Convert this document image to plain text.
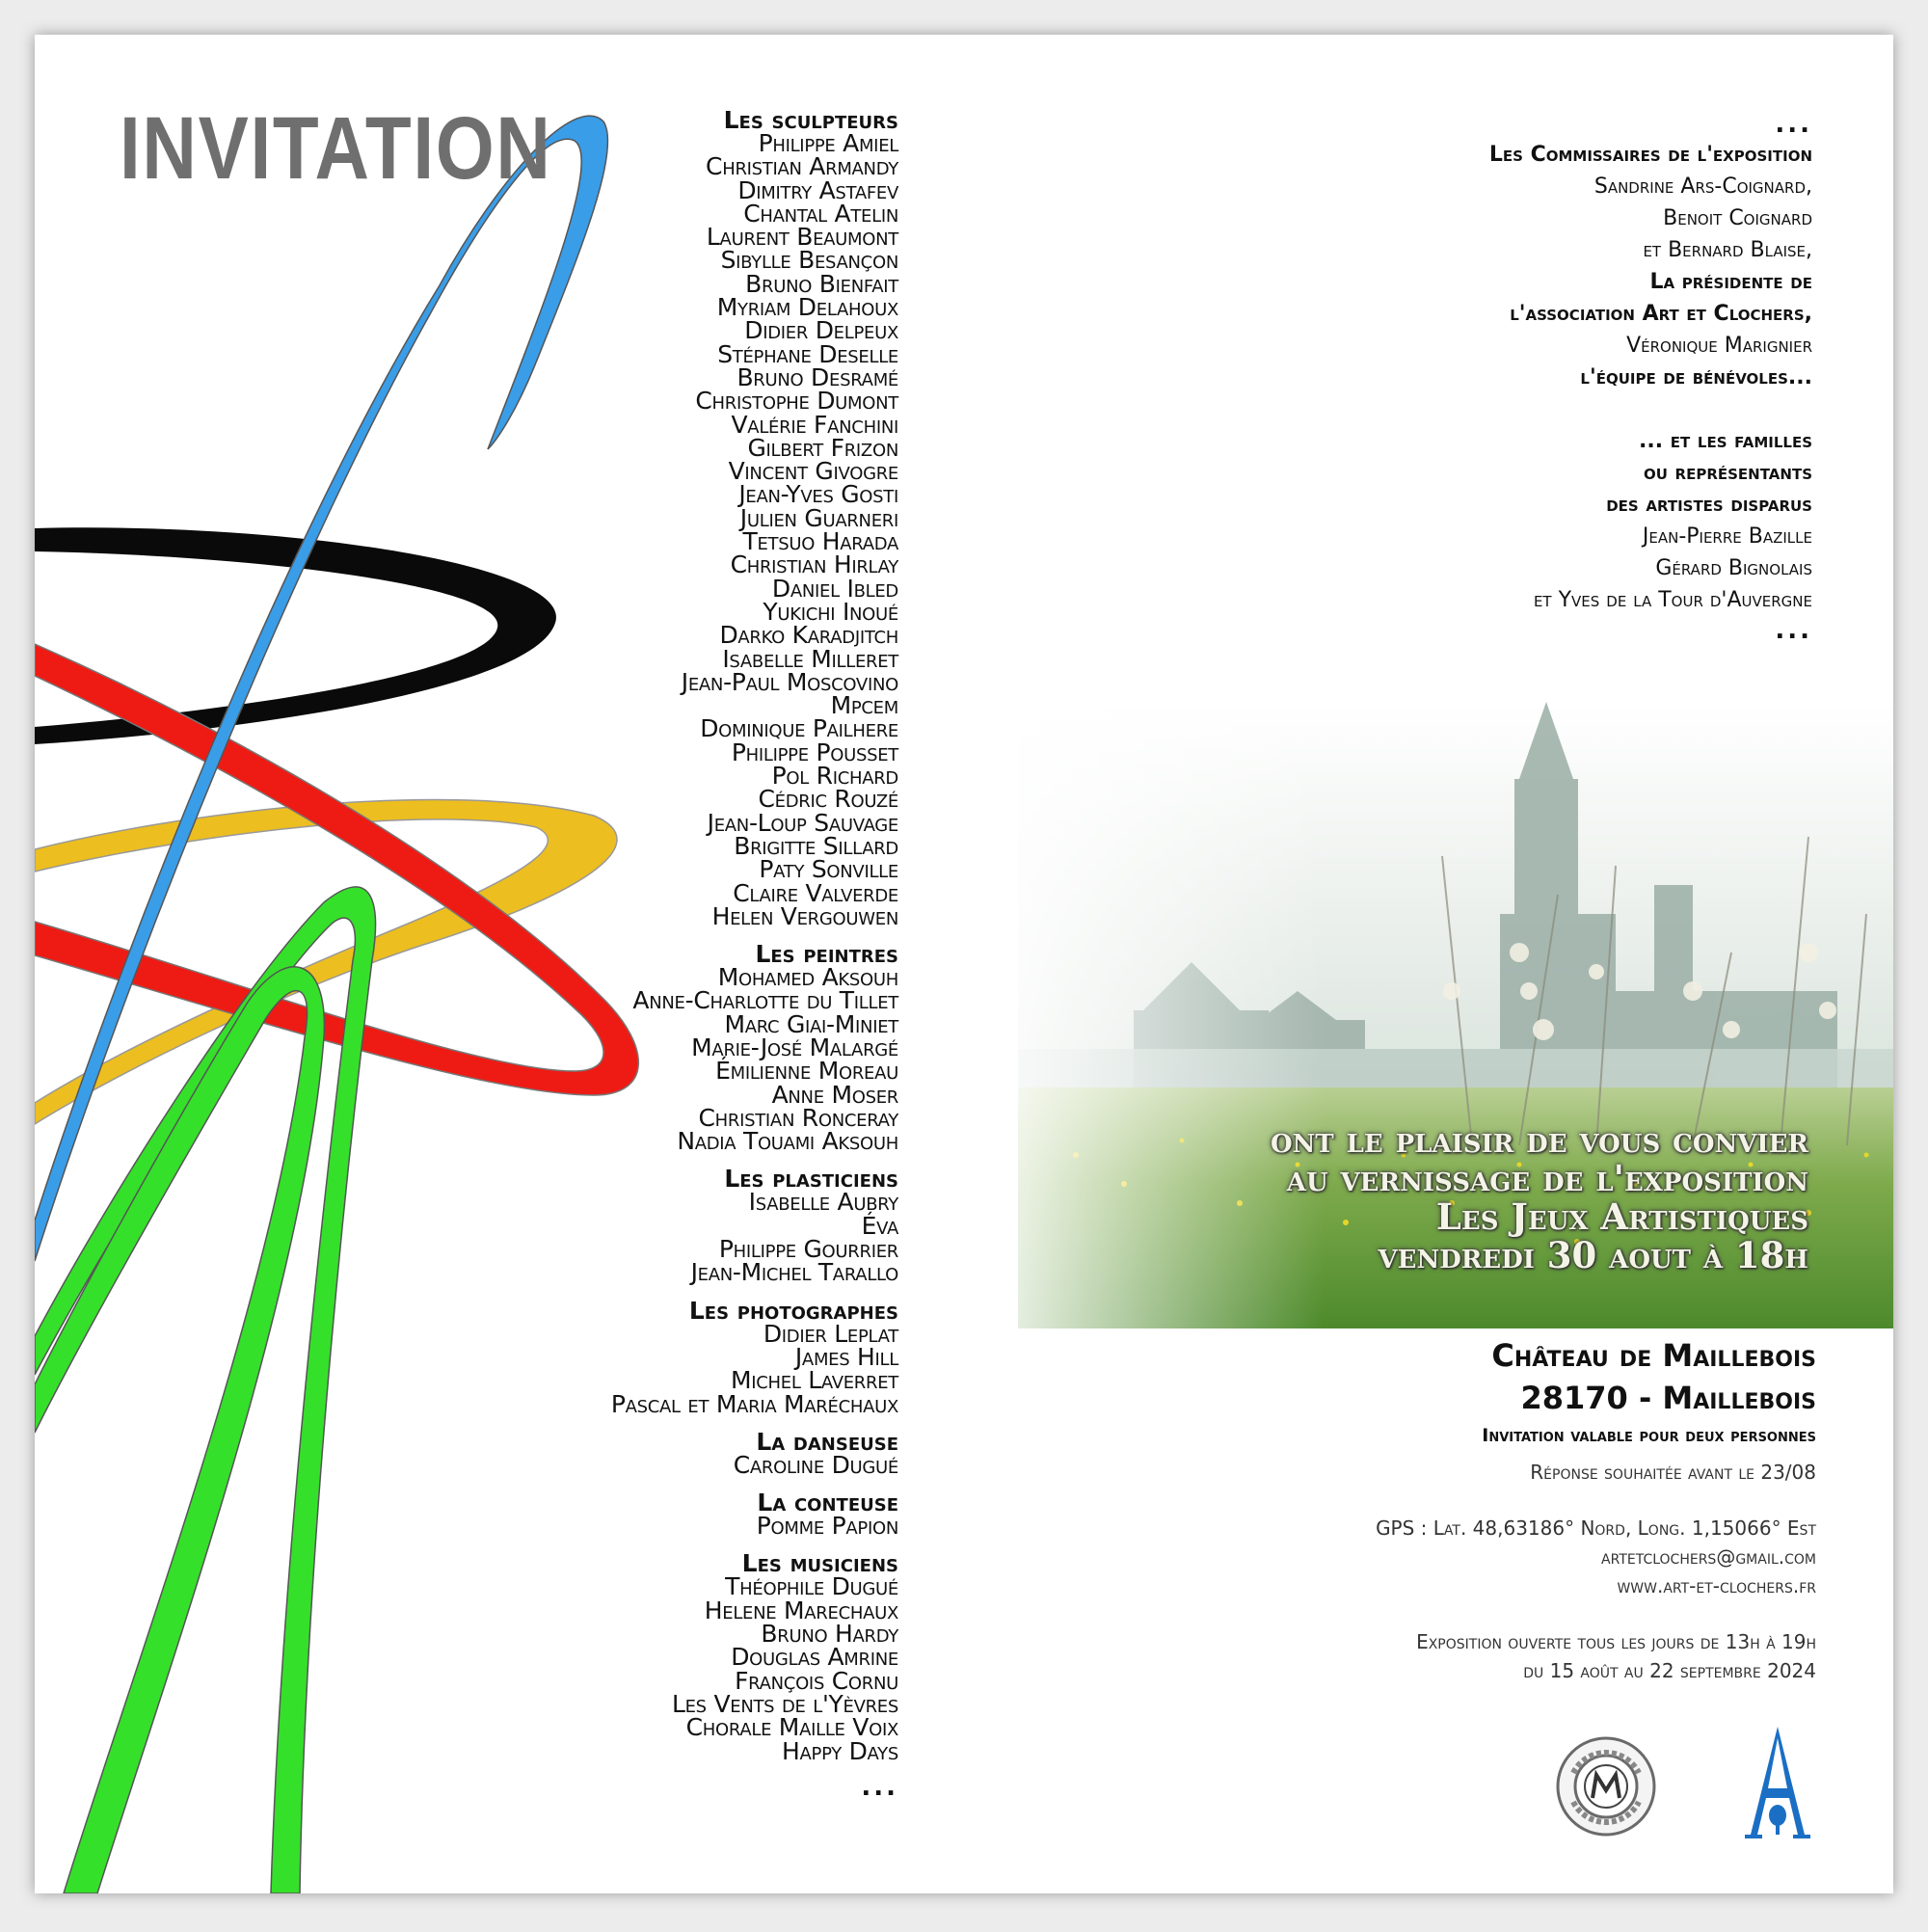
INVITATION	Les sculpteurs
Philippe Amiel
Christian Armandy
Dimitry Astafev
Chantal Atelin
Laurent Beaumont
Sibylle Besançon
Bruno Bienfait
Myriam Delahoux
Didier Delpeux
Stéphane Deselle
Bruno Desramé
Christophe Dumont
Valérie Fanchini
Gilbert Frizon
Vincent Givogre
Jean-Yves Gosti
Julien Guarneri
Tetsuo Harada
Christian Hirlay
Daniel Ibled
Yukichi Inoué
Darko Karadjitch
Isabelle Milleret
Jean-Paul Moscovino
Mpcem
Dominique Pailhere
Philippe Pousset
Pol Richard
Cédric Rouzé
Jean-Loup Sauvage
Brigitte Sillard
Paty Sonville
Claire Valverde
Helen Vergouwen
Les peintres
Mohamed Aksouh
Anne-Charlotte du Tillet
Marc Giai-Miniet
Marie-José Malargé
Émilienne Moreau
Anne Moser
Christian Ronceray
Nadia Touami Aksouh
Les plasticiens
Isabelle Aubry
Éva
Philippe Gourrier
Jean-Michel Tarallo
Les photographes
Didier Leplat
James Hill
Michel Laverret
Pascal et Maria Maréchaux
La danseuse
Caroline Dugué
La conteuse
Pomme Papion
Les musiciens
Théophile Dugué
Helene Marechaux
Bruno Hardy
Douglas Amrine
François Cornu
Les Vents de l'Yèvres
Chorale Maille Voix
Happy Days
...
...
Les Commissaires de l'exposition
Sandrine Ars-Coignard,
Benoit Coignard
et Bernard Blaise,
La présidente de
l'association Art et Clochers,
Véronique Marignier
l'équipe de bénévoles...
... et les familles
ou représentants
des artistes disparus
Jean-Pierre Bazille
Gérard Bignolais
et Yves de la Tour d'Auvergne
...
ont le plaisir de vous convier
au vernissage de l'exposition
Les Jeux Artistiques
vendredi 30 aout à 18h
Château de Maillebois
28170 - Maillebois
Invitation valable pour deux personnes
Réponse souhaitée avant le 23/08
GPS : Lat. 48,63186° Nord, Long. 1,15066° Est
artetclochers@gmail.com
www.art-et-clochers.fr
Exposition ouverte tous les jours de 13h à 19h
du 15 août au 22 septembre 2024
